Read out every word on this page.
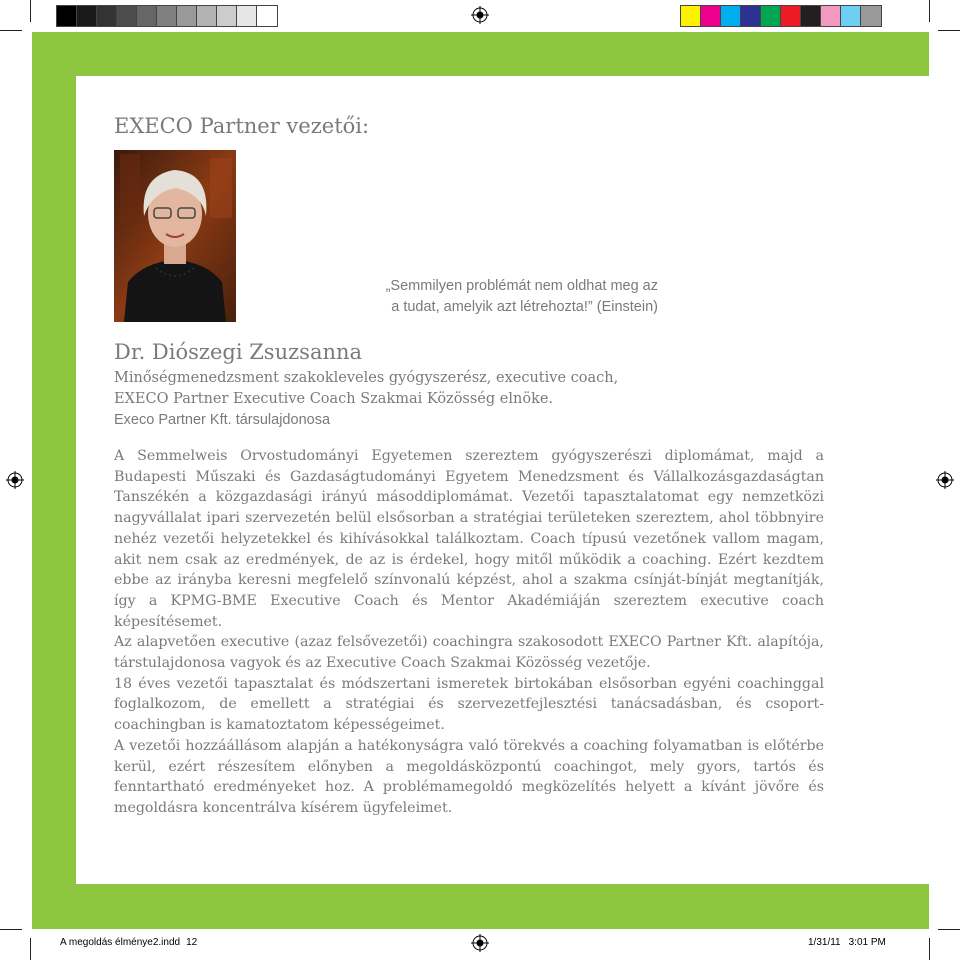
EXECO Partner vezetői:
„Semmilyen problémát nem oldhat meg az
a tudat, amelyik azt létrehozta!” (Einstein)
Dr. Diószegi Zsuzsanna
Minőségmenedzsment szakokleveles gyógyszerész, executive coach,
EXECO Partner Executive Coach Szakmai Közösség elnöke.
Execo Partner Kft. társulajdonosa

A Semmelweis Orvostudományi Egyetemen szereztem gyógyszerészi diplomámat, majd a Budapesti Műszaki és Gazdaságtudományi Egyetem Menedzsment és Vállalkozásgazdaságtan Tanszékén a közgazdasági irányú másoddiplomámat. Vezetői tapasztalatomat egy nemzetközi nagyvállalat ipari szervezetén belül elsősorban a stratégiai területeken szereztem, ahol többnyire nehéz vezetői helyzetekkel és kihívásokkal találkoztam. Coach típusú vezetőnek vallom magam, akit nem csak az eredmények, de az is érdekel, hogy mitől működik a coaching. Ezért kezdtem ebbe az irányba keresni megfelelő színvonalú képzést, ahol a szakma csínját-bínját megtanítják, így a KPMG-BME Executive Coach és Mentor Akadémiáján szereztem executive coach képesítésemet.

Az alapvetően executive (azaz felsővezetői) coachingra szakosodott EXECO Partner Kft. alapítója, társtulajdonosa vagyok és az Executive Coach Szakmai Közösség vezetője.

18 éves vezetői tapasztalat és módszertani ismeretek birtokában elsősorban egyéni coachinggal foglalkozom, de emellett a stratégiai és szervezetfejlesztési tanácsadásban, és csoport-coachingban is kamatoztatom képességeimet.

A vezetői hozzáállásom alapján a hatékonyságra való törekvés a coaching folyamatban is előtérbe kerül, ezért részesítem előnyben a megoldásközpontú coachingot, mely gyors, tartós és fenntartható eredményeket hoz. A problémamegoldó megközelítés helyett a kívánt jövőre és megoldásra koncentrálva kísérem ügyfeleimet.

A megoldás élménye2.indd 12	1/31/11 3:01 PM
